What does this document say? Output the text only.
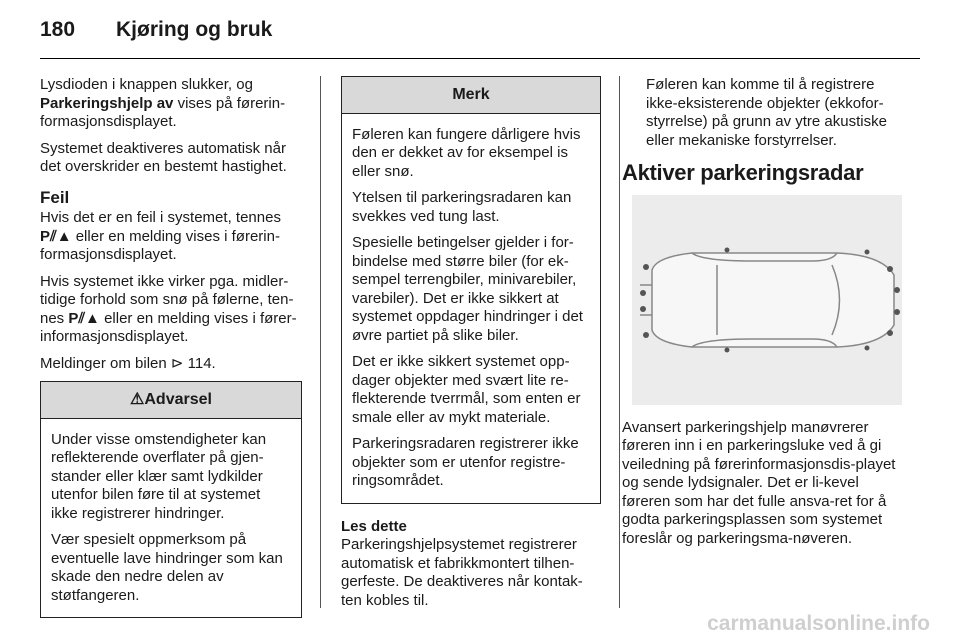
180 Kjøring og bruk

Lysdioden i knappen slukker, og Parkeringshjelp av vises på førerin-formasjonsdisplayet.

Systemet deaktiveres automatisk når det overskrider en bestemt hastighet.

Feil

Hvis det er en feil i systemet, tennes P⫽▲ eller en melding vises i førerin-formasjonsdisplayet.

Hvis systemet ikke virker pga. midler-tidige forhold som snø på følerne, ten-nes P⫽▲ eller en melding vises i fører-informasjonsdisplayet.

Meldinger om bilen ⊳ 114.

⚠Advarsel

Under visse omstendigheter kan reflekterende overflater på gjen-stander eller klær samt lydkilder utenfor bilen føre til at systemet ikke registrerer hindringer.

Vær spesielt oppmerksom på eventuelle lave hindringer som kan skade den nedre delen av støtfangeren.

Merk

Føleren kan fungere dårligere hvis den er dekket av for eksempel is eller snø.

Ytelsen til parkeringsradaren kan svekkes ved tung last.

Spesielle betingelser gjelder i for-bindelse med større biler (for ek-sempel terrengbiler, minivarebiler, varebiler). Det er ikke sikkert at systemet oppdager hindringer i det øvre partiet på slike biler.

Det er ikke sikkert systemet opp-dager objekter med svært lite re-flekterende tverrmål, som enten er smale eller av mykt materiale.

Parkeringsradaren registrerer ikke objekter som er utenfor registre-ringsområdet.

Les dette
Parkeringshjelpsystemet registrerer automatisk et fabrikkmontert tilhen-gerfeste. De deaktiveres når kontak-ten kobles til.

Føleren kan komme til å registrere ikke-eksisterende objekter (ekkofor-styrrelse) på grunn av ytre akustiske eller mekaniske forstyrrelser.

Aktiver parkeringsradar

Avansert parkeringshjelp manøvrerer føreren inn i en parkeringsluke ved å gi veiledning på førerinformasjonsdis-playet og sende lydsignaler. Det er li-kevel føreren som har det fulle ansva-ret for å godta parkeringsplassen som systemet foreslår og parkeringsma-nøveren.

carmanualsonline.info
